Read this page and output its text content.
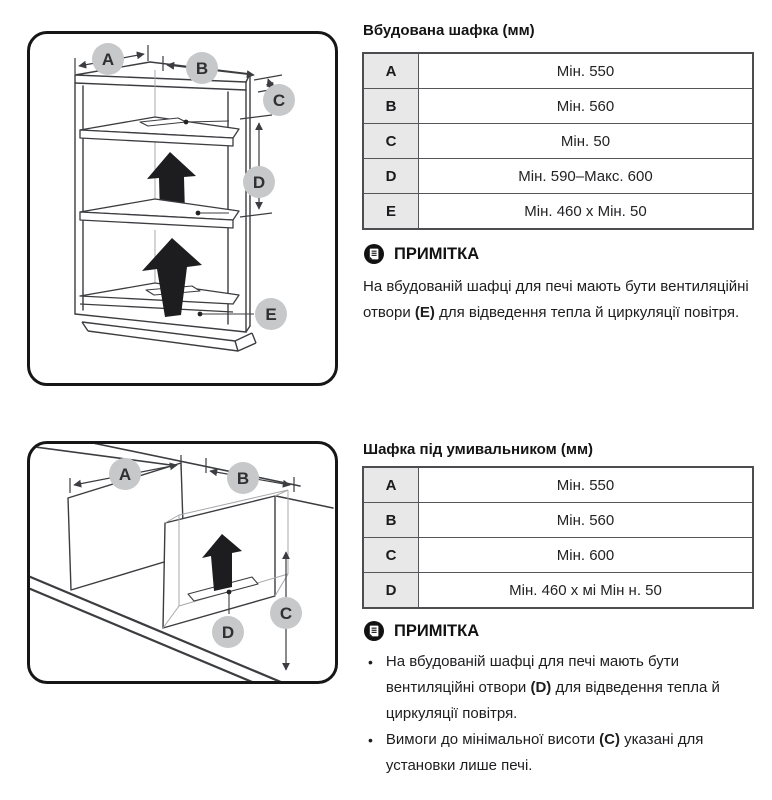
A	B
C
D
E
A	B
C
D
Вбудована шафка (мм)
A	Мін. 550
B	Мін. 560
C	Мін. 50
D	Мін. 590–Макс. 600
E	Мін. 460 x Мін. 50
ПРИМІТКА
На вбудованій шафці для печі мають бути вентиляційні отвори (E) для відведення тепла й циркуляції повітря.
Шафка під умивальником (мм)
A	Мін. 550
B	Мін. 560
C	Мін. 600
D	Мін. 460 x мі Мін н. 50
ПРИМІТКА
• На вбудованій шафці для печі мають бути вентиляційні отвори (D) для відведення тепла й циркуляції повітря.
• Вимоги до мінімальної висоти (C) указані для установки лише печі.
